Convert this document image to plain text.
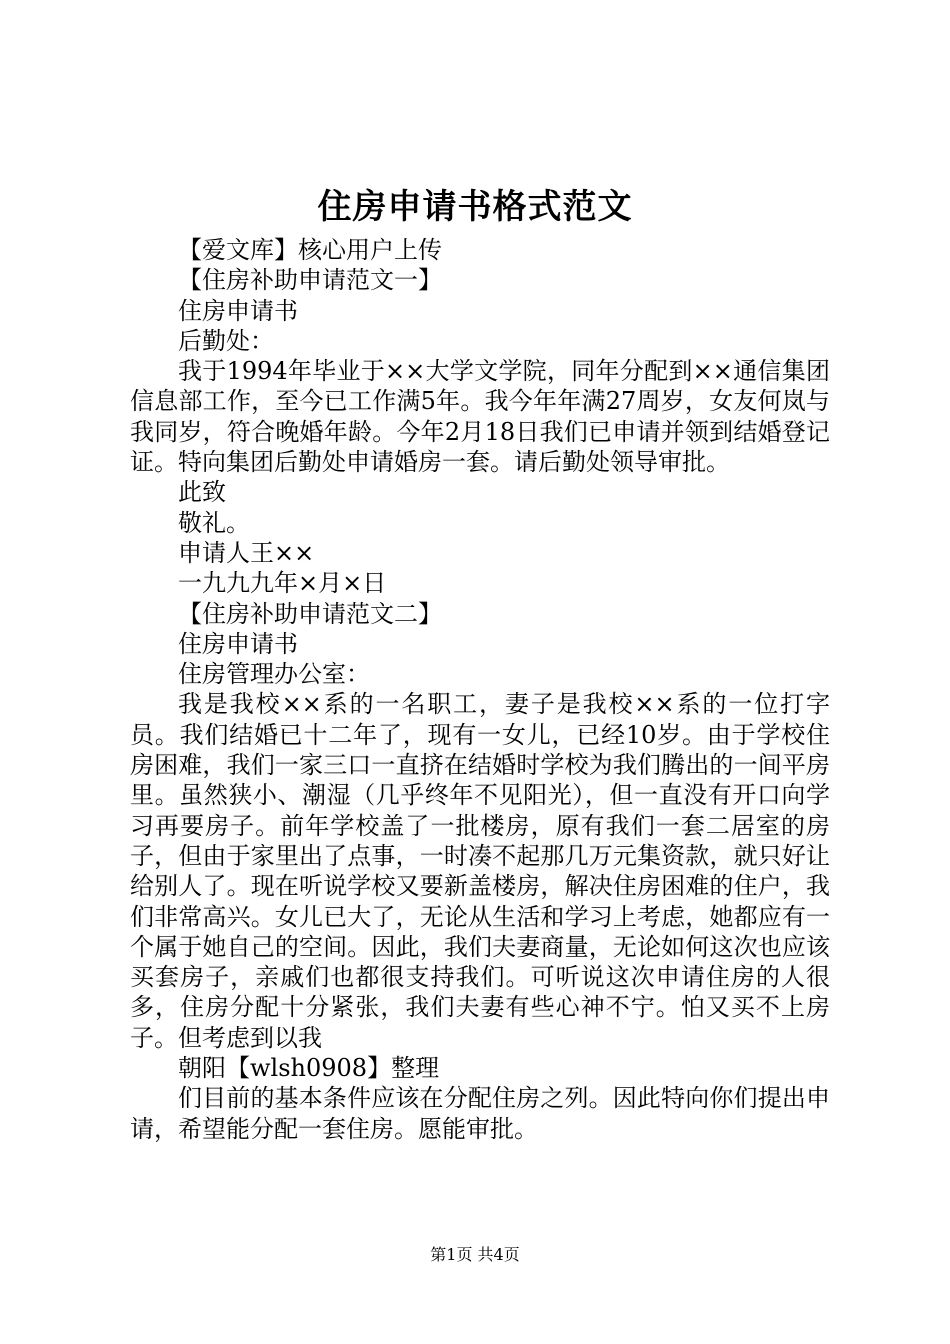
住房申请书格式范文

【爱文库】核心用户上传

【住房补助申请范文一】

住房申请书

后勤处：

我于1994年毕业于××大学文学院，同年分配到××通信集团信息部工作，至今已工作满5年。我今年年满27周岁，女友何岚与我同岁，符合晚婚年龄。今年2月18日我们已申请并领到结婚登记证。特向集团后勤处申请婚房一套。请后勤处领导审批。

此致

敬礼。

申请人王××

一九九九年×月×日

【住房补助申请范文二】

住房申请书

住房管理办公室：

我是我校××系的一名职工，妻子是我校××系的一位打字员。我们结婚已十二年了，现有一女儿，已经10岁。由于学校住房困难，我们一家三口一直挤在结婚时学校为我们腾出的一间平房里。虽然狭小、潮湿（几乎终年不见阳光），但一直没有开口向学习再要房子。前年学校盖了一批楼房，原有我们一套二居室的房子，但由于家里出了点事，一时凑不起那几万元集资款，就只好让给别人了。现在听说学校又要新盖楼房，解决住房困难的住户，我们非常高兴。女儿已大了，无论从生活和学习上考虑，她都应有一个属于她自己的空间。因此，我们夫妻商量，无论如何这次也应该买套房子，亲戚们也都很支持我们。可听说这次申请住房的人很多，住房分配十分紧张，我们夫妻有些心神不宁。怕又买不上房子。但考虑到以我

朝阳【wlsh0908】整理

们目前的基本条件应该在分配住房之列。因此特向你们提出申请，希望能分配一套住房。愿能审批。

第1页 共4页
